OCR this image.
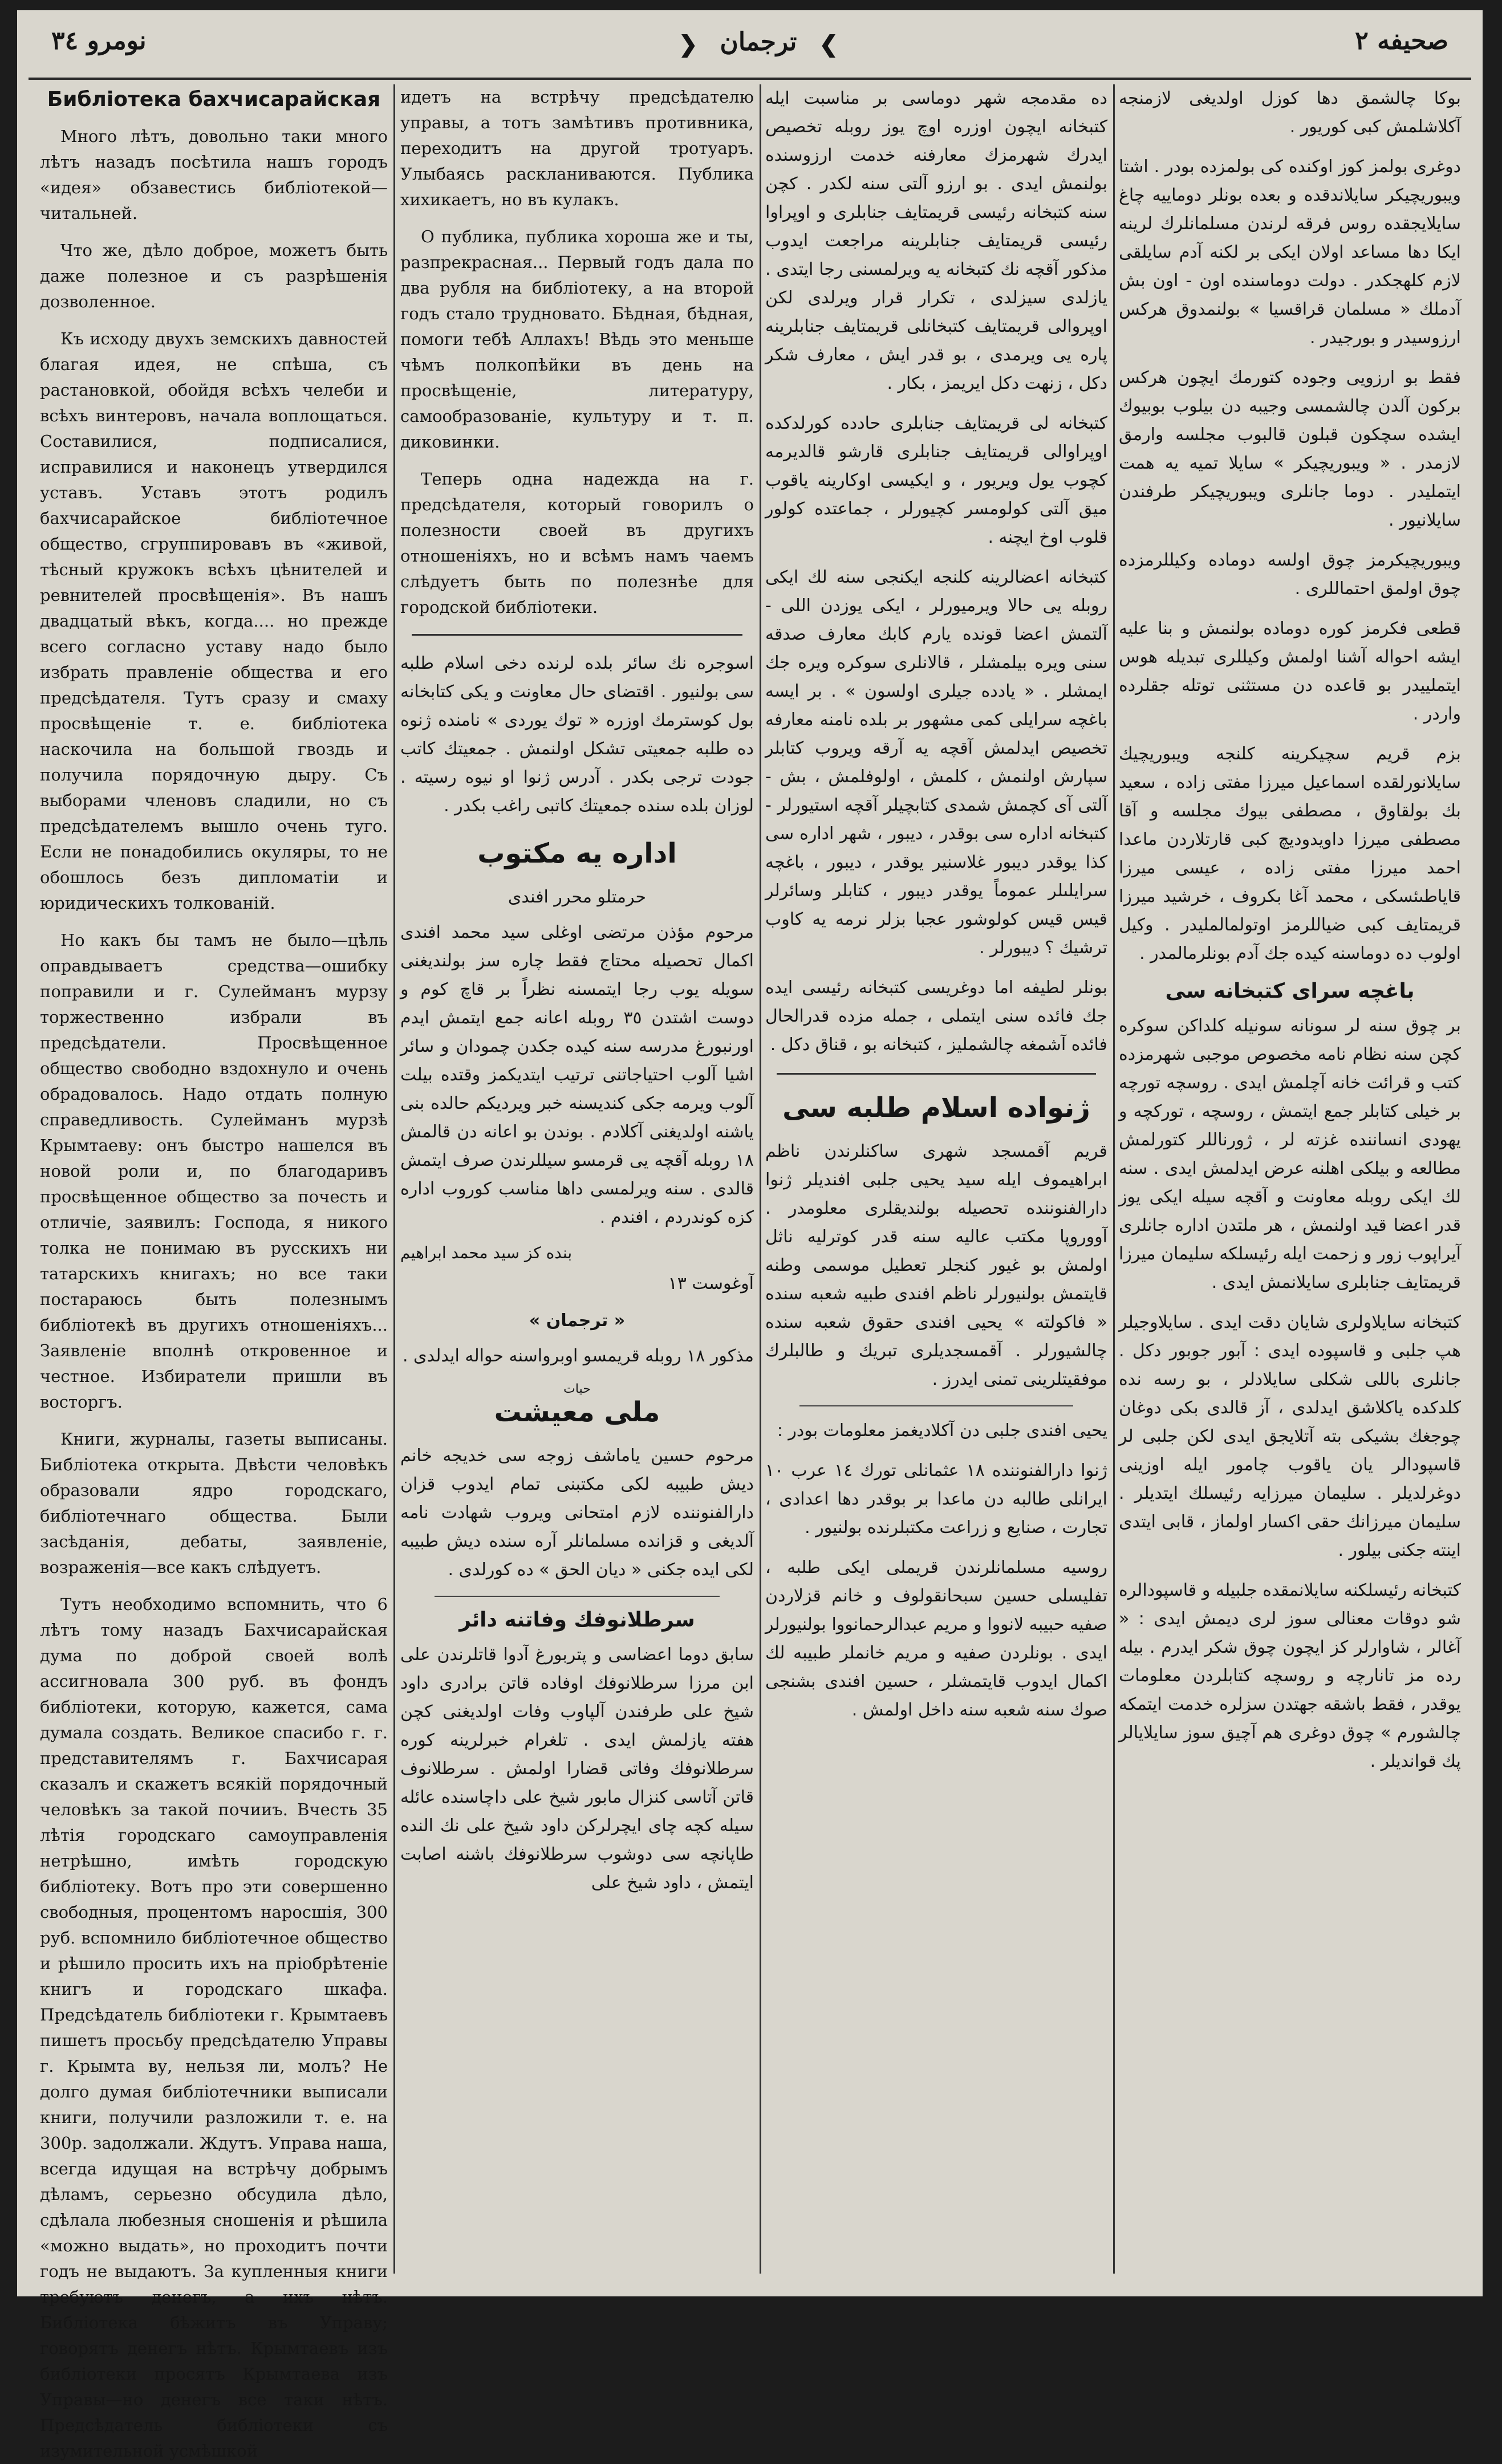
نومرو ٣٤	❮ ترجمان ❯	صحيفه ٢
Библіотека бахчисарайская

Много лѣтъ, довольно таки много лѣтъ назадъ посѣтила нашъ городъ «идея» обзавестись библіотекой—читальней.

Что же, дѣло доброе, можетъ быть даже полезное и съ разрѣшенія дозволенное.

Къ исходу двухъ земскихъ давностей благая идея, не спѣша, съ растановкой, обойдя всѣхъ челеби и всѣхъ винтеровъ, начала воплощаться. Составилися, подписалися, исправилися и наконецъ утвердился уставъ. Уставъ этотъ родилъ бахчисарайское библіотечное общество, сгруппировавъ въ «живой, тѣсный кружокъ всѣхъ цѣнителей и ревнителей просвѣщенія». Въ нашъ двадцатый вѣкъ, когда.... но прежде всего согласно уставу надо было избрать правленіе общества и его предсѣдателя. Тутъ сразу и смаху просвѣщеніе т. е. библіотека наскочила на большой гвоздь и получила порядочную дыру. Съ выборами членовъ сладили, но съ предсѣдателемъ вышло очень туго. Если не понадобились окуляры, то не обошлось безъ дипломатіи и юридическихъ толкованій.

Но какъ бы тамъ не было—цѣль оправдываетъ средства—ошибку поправили и г. Сулейманъ мурзу торжественно избрали въ предсѣдатели. Просвѣщенное общество свободно вздохнуло и очень обрадовалось. Надо отдать полную справедливость. Сулейманъ мурзѣ Крымтаеву: онъ быстро нашелся въ новой роли и, по благодаривъ просвѣщенное общество за почесть и отличіе, заявилъ: Господа, я никого толка не понимаю въ русскихъ ни татарскихъ книгахъ; но все таки постараюсь быть полезнымъ библіотекѣ въ другихъ отношеніяхъ... Заявленіе вполнѣ откровенное и честное. Избиратели пришли въ восторгъ.

Книги, журналы, газеты выписаны. Библіотека открыта. Двѣсти человѣкъ образовали ядро городскаго, библіотечнаго общества. Были засѣданія, дебаты, заявленіе, возраженія—все какъ слѣдуетъ.

Тутъ необходимо вспомнить, что 6 лѣтъ тому назадъ Бахчисарайская дума по доброй своей волѣ ассигновала 300 руб. въ фондъ библіотеки, которую, кажется, сама думала создать. Великое спасибо г. г. представителямъ г. Бахчисарая сказалъ и скажетъ всякій порядочный человѣкъ за такой почииъ. Вчесть 35 лѣтія городскаго самоуправленія нетрѣшно, имѣть городскую библіотеку. Вотъ про эти совершенно свободныя, процентомъ наросшія, 300 руб. вспомнило библіотечное общество и рѣшило просить ихъ на пріобрѣтеніе книгъ и городскаго шкафа. Предсѣдатель библіотеки г. Крымтаевъ пишетъ просьбу предсѣдателю Управы г. Крымта ву, нельзя ли, молъ? Не долго думая библіотечники выписали книги, получили разложили т. е. на 300р. задолжали. Ждутъ. Управа наша, всегда идущая на встрѣчу добрымъ дѣламъ, серьезно обсудила дѣло, сдѣлала любезныя сношенія и рѣшила «можно выдать», но проходитъ почти годъ не выдаютъ. За купленныя книги требуютъ денегъ, а ихъ нѣтъ. Библіотека бѣжитъ въ Управу; говорятъ денегъ нѣтъ. Крымтаевъ изъ библіотеки просятъ Крымтаева изъ Управы—но денегъ все таки нѣтъ. Предсѣдатель библіотеки съ изумительной усмѣшкой

идетъ на встрѣчу предсѣдателю управы, а тотъ замѣтивъ противника, переходитъ на другой тротуаръ. Улыбаясь раскланиваются. Публика хихикаетъ, но въ кулакъ.

О публика, публика хороша же и ты, разпрекрасная... Первый годъ дала по два рубля на библіотеку, а на второй годъ стало трудновато. Бѣдная, бѣдная, помоги тебѣ Аллахъ! Вѣдь это меньше чѣмъ полкопѣйки въ день на просвѣщеніе, литературу, самообразованіе, культуру и т. п. диковинки.

Теперь одна надежда на г. предсѣдателя, который говорилъ о полезности своей въ другихъ отношеніяхъ, но и всѣмъ намъ чаемъ слѣдуетъ быть по полезнѣе для городской библіотеки.

اسوجره نك سائر بلده لرنده دخى اسلام طلبه سى بولنيور . اقتضاى حال معاونت و يكى كتابخانه بول كوسترمك اوزره « توك يوردى » نامنده ژنوه ده طلبه جمعيتى تشكل اولنمش . جمعيتك كاتب جودت ترجى بكدر . آدرس ژنوا او نيوه رسيته . لوزان بلده سنده جمعيتك كاتبى راغب بكدر .

اداره يه مكتوب
حرمتلو محرر افندى

مرحوم مؤذن مرتضى اوغلى سيد محمد افندى اكمال تحصيله محتاج فقط چاره سز بولنديغنى سويله يوب رجا ايتمسنه نظراً بر قاچ كوم و دوست اشتدن ٣٥ روبله اعانه جمع ايتمش ايدم اورنبورغ مدرسه سنه كيده جكدن چمودان و سائر اشيا آلوب احتياجاتنى ترتيب ايتديكمز وقتده بيلت آلوب ويرمه جكى كنديسنه خبر ويرديكم حالده بنى ياشنه اولديغنى آكلادم . بوندن بو اعانه دن قالمش ١٨ روبله آقچه يى قرمسو سيللرندن صرف ايتمش قالدى . سنه ويرلمسى داها مناسب كوروب اداره كزه كوندردم ، افندم .

بنده كز سيد محمد ابراهيم
آوغوست ١٣
« ترجمان »

مذكور ١٨ روبله قريمسو اوبرواسنه حواله ايدلدى .

حيات
ملى معيشت

مرحوم حسين ياماشف زوجه سى خديجه خانم ديش طبيبه لكى مكتبنى تمام ايدوب قزان دارالفنوننده لازم امتحانى ويروب شهادت نامه آلديغى و قزانده مسلمانلر آره سنده ديش طبيبه لكى ايده جكنى « ديان الحق » ده كورلدى .

سرطلانوفك وفاتنه دائر

سابق دوما اعضاسى و پتربورغ آدوا قاتلرندن على ابن مرزا سرطلانوفك اوفاده قاتن برادرى داود شيخ على طرفندن آلپاوب وفات اولديغنى كچن هفته يازلمش ايدى . تلغرام خبرلرينه كوره سرطلانوفك وفاتى قضارا اولمش . سرطلانوف قاتن آتاسى كنزال مابور شيخ على داچاسنده عائله سيله كچه چاى ايچرلركن داود شيخ على نك النده طاپانچه سى دوشوب سرطلانوفك باشنه اصابت ايتمش ، داود شيخ على

ده مقدمجه شهر دوماسى بر مناسبت ايله كتبخانه ايچون اوزره اوچ يوز روبله تخصيص ايدرك شهرمزك معارفنه خدمت ارزوسنده بولنمش ايدى . بو ارزو آلتى سنه لكدر . كچن سنه كتبخانه رئيسى قريمتايف جنابلرى و اوپراوا رئيسى قريمتايف جنابلرينه مراجعت ايدوب مذكور آقچه نك كتبخانه يه ويرلمسنى رجا ايتدى . يازلدى سيزلدى ، تكرار قرار ويرلدى لكن اوپروالى قريمتايف كتبخانلى قريمتايف جنابلرينه پاره يى ويرمدى ، بو قدر ايش ، معارف شكر دكل ، زنهت دكل ايريمز ، بكار .

كتبخانه لى قريمتايف جنابلرى حادده كورلدكده اوپراوالى قريمتايف جنابلرى قارشو قالديرمه كچوب يول ويريور ، و ايكيسى اوكارينه ياقوب ميق آلتى كولومسر كچيورلر ، جماعتده كولور قلوب اوخ ايچنه .

كتبخانه اعضالرينه كلنجه ايكنجى سنه لك ايكى روبله يى حالا ويرميورلر ، ايكى يوزدن اللى - آلتمش اعضا قونده يارم كابك معارف صدقه سنى ويره بيلمشلر ، قالانلرى سوكره ويره جك ايمشلر . « يادده جيلرى اولسون » . بر ايسه باغچه سرايلى كمى مشهور بر بلده نامنه معارفه تخصيص ايدلمش آقچه يه آرقه ويروب كتابلر سپارش اولنمش ، كلمش ، اولوفلمش ، بش - آلتى آى كچمش شمدى كتابچيلر آقچه استيورلر - كتبخانه اداره سى بوقدر ، ديبور ، شهر اداره سى كذا يوقدر ديبور غلاسنير يوقدر ، ديبور ، باغچه سرايلىلر عموماً يوقدر ديبور ، كتابلر وسائرلر قيس قيس كولوشور عجبا بزلر نرمه يه كاوب ترشيك ؟ ديبورلر .

بونلر لطيفه اما دوغريسى كتبخانه رئيسى ايده جك فائده سنى ايتملى ، جمله مزده قدرالحال فائده آشمغه چالشمليز ، كتبخانه بو ، قناق دكل .

ژنواده اسلام طلبه سى

قريم آقمسجد شهرى ساكنلرندن ناظم ابراهيموف ايله سيد يحيى جلبى افنديلر ژنوا دارالفنوننده تحصيله بولنديقلرى معلومدر . آووروپا مكتب عاليه سنه قدر كوترليه ناثل اولمش بو غيور كنجلر تعطيل موسمى وطنه قايتمش بولنيورلر ناظم افندى طبيه شعبه سنده « فاكولته » يحيى افندى حقوق شعبه سنده چالشيورلر . آقمسجديلرى تبريك و طالبلرك موفقيتلرينى تمنى ايدرز .

يحيى افندى جلبى دن آكلاديغمز معلومات بودر :

ژنوا دارالفنوننده ١٨ عثمانلى تورك ١٤ عرب ١٠ ايرانلى طالبه دن ماعدا بر بوقدر دها اعدادى ، تجارت ، صنايع و زراعت مكتبلرنده بولنيور .

روسيه مسلمانلرندن قريملى ايكى طلبه ، تفليسلى حسين سبحانقولوف و خانم قزلاردن صفيه حبيبه لانووا و مريم عبدالرحمانووا بولنيورلر ايدى . بونلردن صفيه و مريم خانملر طبيبه لك اكمال ايدوب قايتمشلر ، حسين افندى بشنجى صوك سنه شعبه سنه داخل اولمش .

بوكا چالشمق دها كوزل اولديغى لازمنجه آكلاشلمش كبى كوريور .

دوغرى بولمز كوز اوكنده كى بولمزده بودر . اشتا ويبوريچيكر سايلاندقده و بعده بونلر دوماييه چاغ سايلايجقده روس فرقه لرندن مسلمانلرك لرينه ايكا دها مساعد اولان ايكى بر لكنه آدم سايلقى لازم كلهجكدر . دولت دوماسنده اون - اون بش آدملك « مسلمان قراقسيا » بولنمدوق هركس ارزوسيدر و بورجيدر .

فقط بو ارزويى وجوده كتورمك ايچون هركس بركون آلدن چالشمسى وجيبه دن بيلوب بوبيوك ايشده سچكون قبلون قالبوب مجلسه وارمق لازمدر . « ويبوريچيكر » سايلا تميه يه همت ايتمليدر . دوما جانلرى ويبوريچيكر طرفندن سايلانيور .

ويبوريچيكرمز چوق اولسه دوماده وكيللرمزده چوق اولمق احتماللرى .

قطعى فكرمز كوره دوماده بولنمش و بنا عليه ايشه احواله آشنا اولمش وكيللرى تبديله هوس ايتملييدر بو قاعده دن مستثنى توتله جقلرده واردر .

بزم قريم سچيكرينه كلنجه ويبوريچيك سايلانورلقده اسماعيل ميرزا مفتى زاده ، سعيد بك بولقاوق ، مصطفى بيوك مجلسه و آقا مصطفى ميرزا داويدوديچ كبى قارتلاردن ماعدا احمد ميرزا مفتى زاده ، عيسى ميرزا قاياطىئسكى ، محمد آغا بكروف ، خرشيد ميرزا قريمتايف كبى ضياللرمز اوتولمالمليدر . وكيل اولوب ده دوماسنه كيده جك آدم بونلرمالمدر .

باغچه سراى كتبخانه سى

بر چوق سنه لر سونانه سونيله كلداكن سوكره كچن سنه نظام نامه مخصوص موجبى شهرمزده كتب و قرائت خانه آچلمش ايدى . روسچه تورچه بر خيلى كتابلر جمع ايتمش ، روسچه ، توركچه و يهودى انساننده غزته لر ، ژورناللر كتورلمش مطالعه و بيلكى اهلنه عرض ايدلمش ايدى . سنه لك ايكى روبله معاونت و آقچه سيله ايكى يوز قدر اعضا قيد اولنمش ، هر ملتدن اداره جانلرى آيراپوب زور و زحمت ايله رئيسلكه سليمان ميرزا قريمتايف جنابلرى سايلانمش ايدى .

كتبخانه سايلاولرى شايان دقت ايدى . سايلاوجيلر هپ جلبى و قاسپوده ايدى : آبور جوبور دكل . جانلرى باللى شكلى سايلادلر ، بو رسه نده كلدكده ياكلاشق ايدلدى ، آز قالدى بكى دوغان چوجغك بشيكى بته آتلايجق ايدى لكن جلبى لر قاسپودالر يان ياقوب چامور ايله اوزينى دوغرلديلر . سليمان ميرزايه رئيسلك ايتديلر . سليمان ميرزانك حقى اكسار اولماز ، قابى ايتدى اينته جكنى بيلور .

كتبخانه رئيسلكنه سايلانمقده جلبيله و قاسپودالره شو دوقات معنالى سوز لرى ديمش ايدى : « آغالر ، شاوارلر كز ايچون چوق شكر ايدرم . بيله رده مز تانارچه و روسچه كتابلردن معلومات يوقدر ، فقط باشقه جهتدن سزلره خدمت ايتمكه چالشورم » چوق دوغرى هم آچيق سوز سايلايالر پك قوانديلر .
